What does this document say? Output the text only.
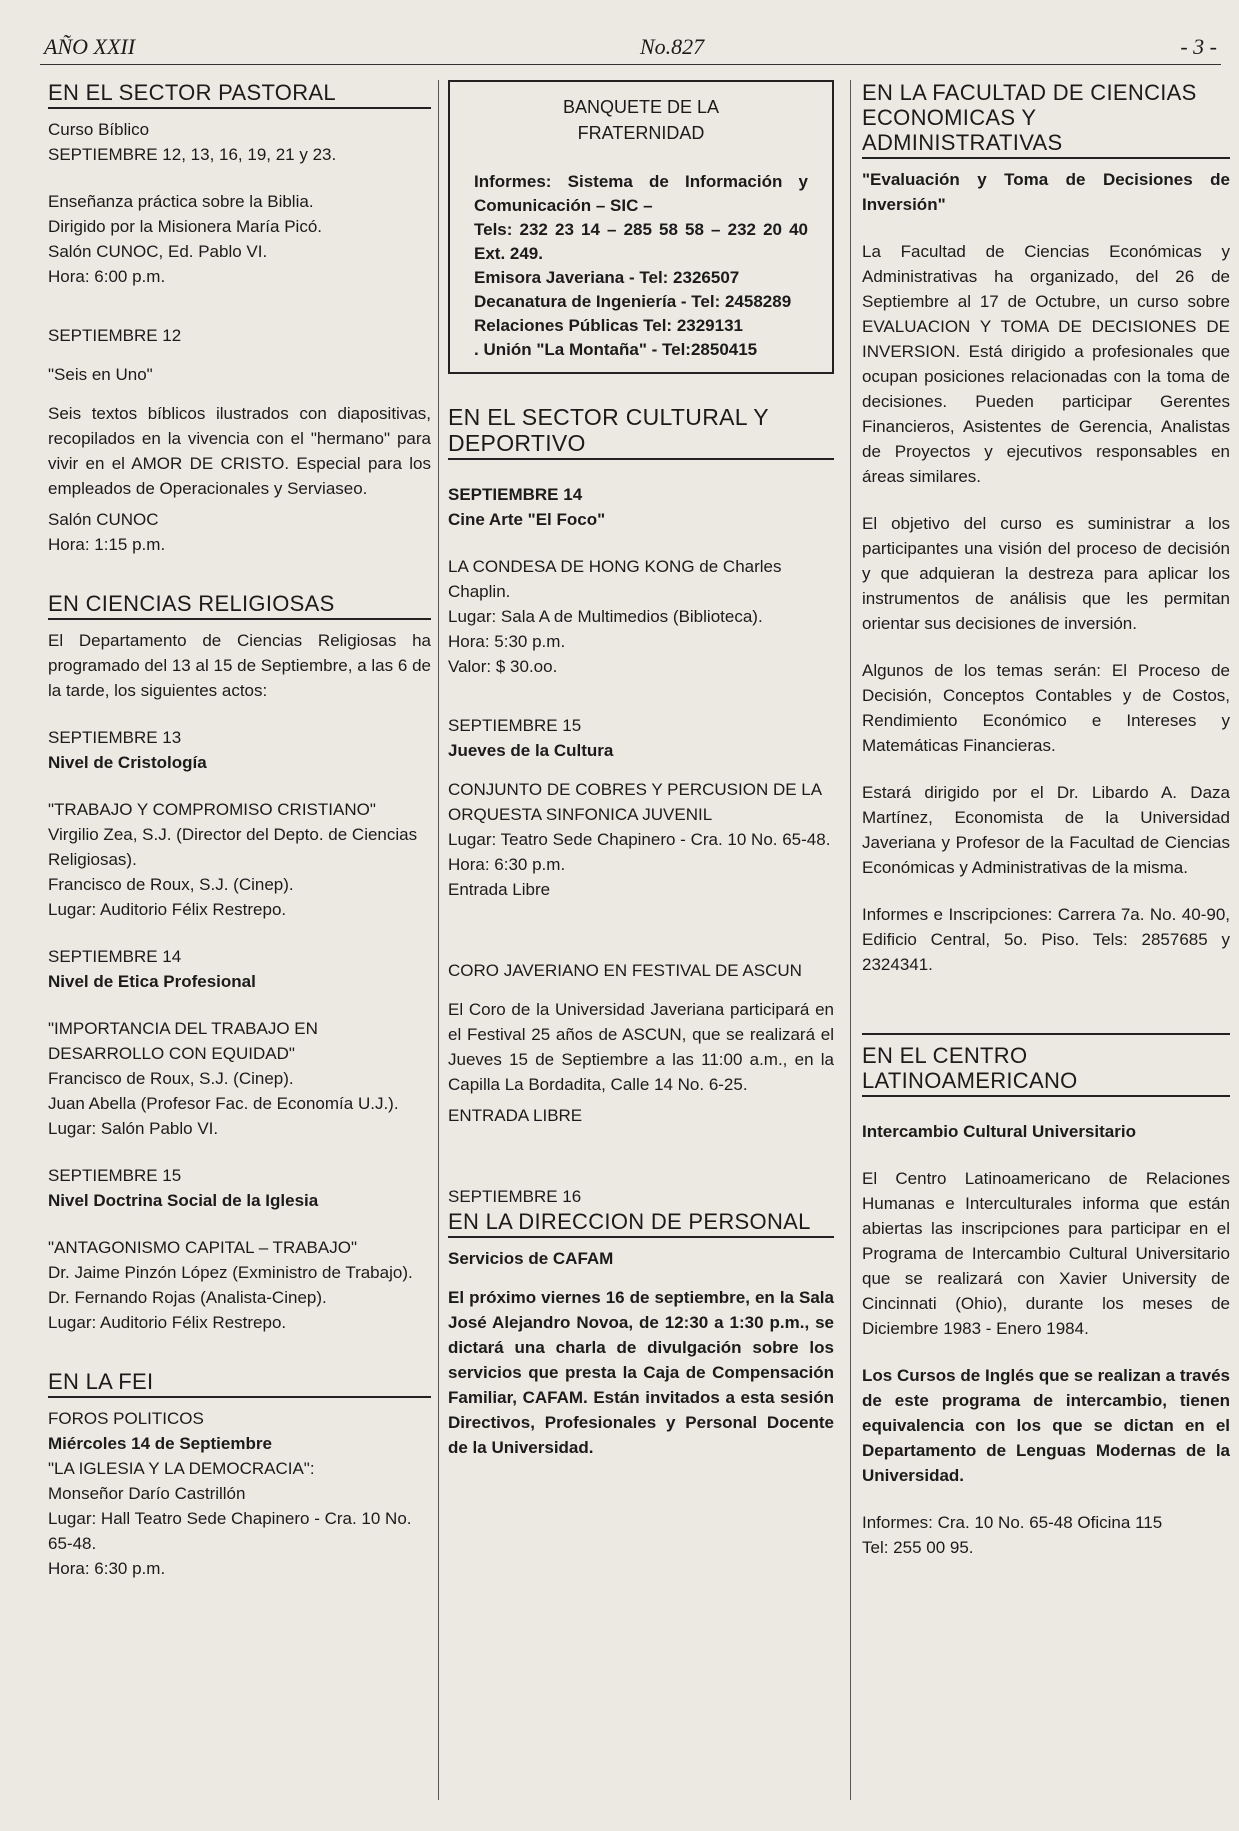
AÑO XXII	No.827	- 3 -
EN EL SECTOR PASTORAL

Curso Bíblico

SEPTIEMBRE 12, 13, 16, 19, 21 y 23.

Enseñanza práctica sobre la Biblia.

Dirigido por la Misionera María Picó.

Salón CUNOC, Ed. Pablo VI.

Hora: 6:00 p.m.

SEPTIEMBRE 12

"Seis en Uno"

Seis textos bíblicos ilustrados con diapositivas, recopilados en la vivencia con el "hermano" para vivir en el AMOR DE CRISTO. Especial para los empleados de Operacionales y Serviaseo.

Salón CUNOC

Hora: 1:15 p.m.

EN CIENCIAS RELIGIOSAS

El Departamento de Ciencias Religiosas ha programado del 13 al 15 de Septiembre, a las 6 de la tarde, los siguientes actos:

SEPTIEMBRE 13

Nivel de Cristología

"TRABAJO Y COMPROMISO CRISTIANO"

Virgilio Zea, S.J. (Director del Depto. de Ciencias Religiosas).

Francisco de Roux, S.J. (Cinep).

Lugar: Auditorio Félix Restrepo.

SEPTIEMBRE 14

Nivel de Etica Profesional

"IMPORTANCIA DEL TRABAJO EN DESARROLLO CON EQUIDAD"

Francisco de Roux, S.J. (Cinep).

Juan Abella (Profesor Fac. de Economía U.J.).

Lugar: Salón Pablo VI.

SEPTIEMBRE 15

Nivel Doctrina Social de la Iglesia

"ANTAGONISMO CAPITAL – TRABAJO"

Dr. Jaime Pinzón López (Exministro de Trabajo).

Dr. Fernando Rojas (Analista-Cinep).

Lugar: Auditorio Félix Restrepo.

EN LA FEI

FOROS POLITICOS

Miércoles 14 de Septiembre

"LA IGLESIA Y LA DEMOCRACIA":

Monseñor Darío Castrillón

Lugar: Hall Teatro Sede Chapinero - Cra. 10 No. 65-48.

Hora: 6:30 p.m.

BANQUETE DE LA
FRATERNIDAD

Informes: Sistema de Información y Comunicación – SIC –

Tels: 232 23 14 – 285 58 58 – 232 20 40 Ext. 249.

Emisora Javeriana - Tel: 2326507

Decanatura de Ingeniería - Tel: 2458289

Relaciones Públicas Tel: 2329131

. Unión "La Montaña" - Tel:2850415

EN EL SECTOR CULTURAL Y DEPORTIVO

SEPTIEMBRE 14

Cine Arte "El Foco"

LA CONDESA DE HONG KONG de Charles Chaplin.

Lugar: Sala A de Multimedios (Biblioteca).

Hora: 5:30 p.m.

Valor: $ 30.oo.

SEPTIEMBRE 15

Jueves de la Cultura

CONJUNTO DE COBRES Y PERCUSION DE LA ORQUESTA SINFONICA JUVENIL

Lugar: Teatro Sede Chapinero - Cra. 10 No. 65-48.

Hora: 6:30 p.m.

Entrada Libre

CORO JAVERIANO EN FESTIVAL DE ASCUN

El Coro de la Universidad Javeriana participará en el Festival 25 años de ASCUN, que se realizará el Jueves 15 de Septiembre a las 11:00 a.m., en la Capilla La Bordadita, Calle 14 No. 6-25.

ENTRADA LIBRE

SEPTIEMBRE 16

EN LA DIRECCION DE PERSONAL

Servicios de CAFAM

El próximo viernes 16 de septiembre, en la Sala José Alejandro Novoa, de 12:30 a 1:30 p.m., se dictará una charla de divulgación sobre los servicios que presta la Caja de Compensación Familiar, CAFAM. Están invitados a esta sesión Directivos, Profesionales y Personal Docente de la Universidad.

EN LA FACULTAD DE CIENCIAS ECONOMICAS Y ADMINISTRATIVAS

"Evaluación y Toma de Decisiones de Inversión"

La Facultad de Ciencias Económicas y Administrativas ha organizado, del 26 de Septiembre al 17 de Octubre, un curso sobre EVALUACION Y TOMA DE DECISIONES DE INVERSION. Está dirigido a profesionales que ocupan posiciones relacionadas con la toma de decisiones. Pueden participar Gerentes Financieros, Asistentes de Gerencia, Analistas de Proyectos y ejecutivos responsables en áreas similares.

El objetivo del curso es suministrar a los participantes una visión del proceso de decisión y que adquieran la destreza para aplicar los instrumentos de análisis que les permitan orientar sus decisiones de inversión.

Algunos de los temas serán: El Proceso de Decisión, Conceptos Contables y de Costos, Rendimiento Económico e Intereses y Matemáticas Financieras.

Estará dirigido por el Dr. Libardo A. Daza Martínez, Economista de la Universidad Javeriana y Profesor de la Facultad de Ciencias Económicas y Administrativas de la misma.

Informes e Inscripciones: Carrera 7a. No. 40-90, Edificio Central, 5o. Piso. Tels: 2857685 y 2324341.

EN EL CENTRO LATINOAMERICANO

Intercambio Cultural Universitario

El Centro Latinoamericano de Relaciones Humanas e Interculturales informa que están abiertas las inscripciones para participar en el Programa de Intercambio Cultural Universitario que se realizará con Xavier University de Cincinnati (Ohio), durante los meses de Diciembre 1983 - Enero 1984.

Los Cursos de Inglés que se realizan a través de este programa de intercambio, tienen equivalencia con los que se dictan en el Departamento de Lenguas Modernas de la Universidad.

Informes: Cra. 10 No. 65-48 Oficina 115

Tel: 255 00 95.
